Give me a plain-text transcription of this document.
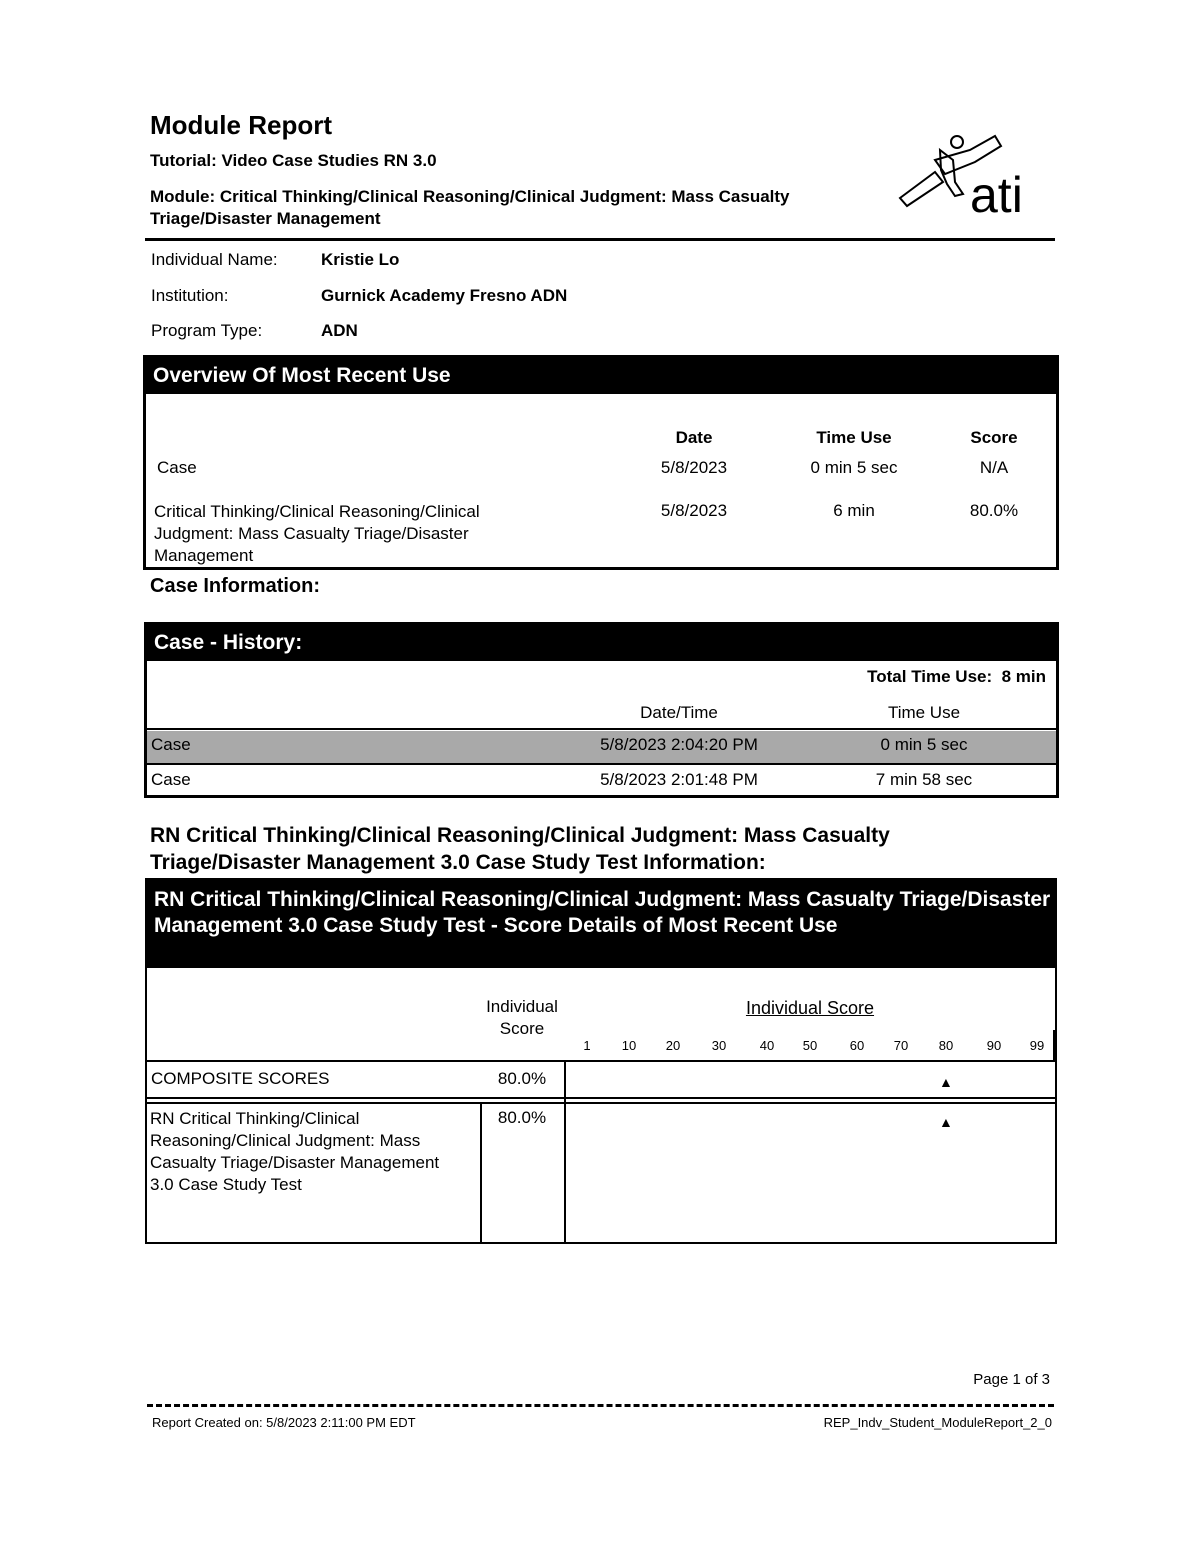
Module Report
Tutorial: Video Case Studies RN 3.0
Module: Critical Thinking/Clinical Reasoning/Clinical Judgment: Mass Casualty Triage/Disaster Management	ati
Individual Name:	Kristie Lo
Institution:	Gurnick Academy Fresno ADN
Program Type:	ADN
Overview Of Most Recent Use
Date	Time Use	Score
Case	5/8/2023	0 min 5 sec	N/A
Critical Thinking/Clinical Reasoning/Clinical Judgment: Mass Casualty Triage/Disaster Management
5/8/2023	6 min	80.0%
Case Information:
Case - History:
Total Time Use: 8 min
Date/Time	Time Use
Case	5/8/2023 2:04:20 PM	0 min 5 sec
Case	5/8/2023 2:01:48 PM	7 min 58 sec
RN Critical Thinking/Clinical Reasoning/Clinical Judgment: Mass Casualty Triage/Disaster Management 3.0 Case Study Test Information:
RN Critical Thinking/Clinical Reasoning/Clinical Judgment: Mass Casualty Triage/Disaster Management 3.0 Case Study Test - Score Details of Most Recent Use
Individual Score
Individual Score
1	10	20	30	40	50	60	70	80	90	99
COMPOSITE SCORES	80.0%	▲
RN Critical Thinking/Clinical Reasoning/Clinical Judgment: Mass Casualty Triage/Disaster Management 3.0 Case Study Test
80.0%	▲
Page 1 of 3
Report Created on: 5/8/2023 2:11:00 PM EDT	REP_Indv_Student_ModuleReport_2_0
